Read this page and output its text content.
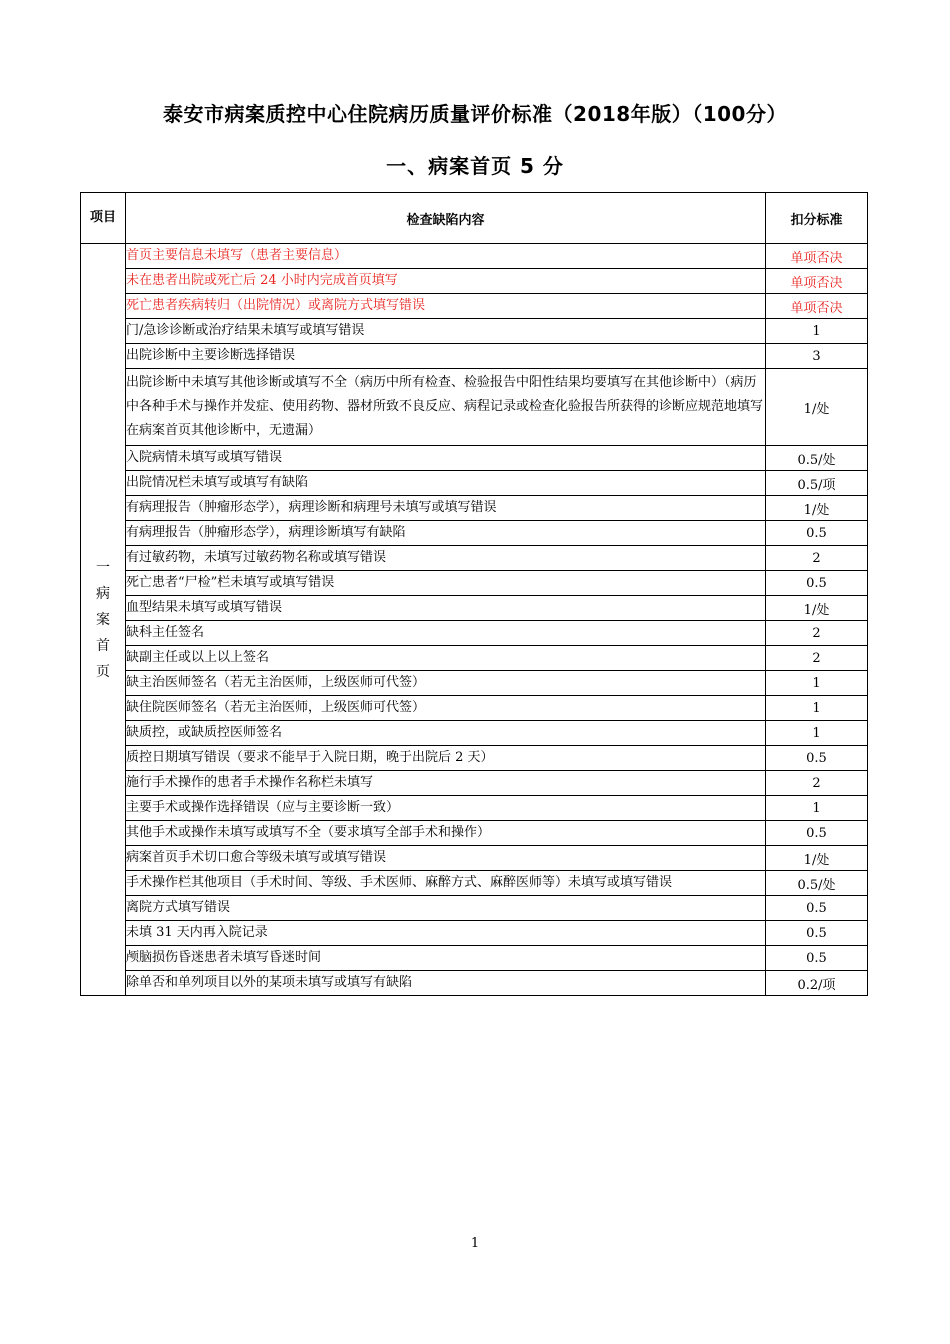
泰安市病案质控中心住院病历质量评价标准（2018年版）（100分）
一、病案首页 5 分
项目	检查缺陷内容	扣分标准

一
病
案
首
页	首页主要信息未填写（患者主要信息）	单项否决
	未在患者出院或死亡后 24 小时内完成首页填写	单项否决
	死亡患者疾病转归（出院情况）或离院方式填写错误	单项否决
	门/急诊诊断或治疗结果未填写或填写错误	1
	出院诊断中主要诊断选择错误	3
	出院诊断中未填写其他诊断或填写不全（病历中所有检查、检验报告中阳性结果均要填写在其他诊断中）（病历中各种手术与操作并发症、使用药物、器材所致不良反应、病程记录或检查化验报告所获得的诊断应规范地填写在病案首页其他诊断中，无遗漏）	1/处
	入院病情未填写或填写错误	0.5/处
	出院情况栏未填写或填写有缺陷	0.5/项
	有病理报告（肿瘤形态学），病理诊断和病理号未填写或填写错误	1/处
	有病理报告（肿瘤形态学），病理诊断填写有缺陷	0.5
	有过敏药物，未填写过敏药物名称或填写错误	2
	死亡患者“尸检”栏未填写或填写错误	0.5
	血型结果未填写或填写错误	1/处
	缺科主任签名	2
	缺副主任或以上以上签名	2
	缺主治医师签名（若无主治医师，上级医师可代签）	1
	缺住院医师签名（若无主治医师，上级医师可代签）	1
	缺质控，或缺质控医师签名	1
	质控日期填写错误（要求不能早于入院日期，晚于出院后 2 天）	0.5
	施行手术操作的患者手术操作名称栏未填写	2
	主要手术或操作选择错误（应与主要诊断一致）	1
	其他手术或操作未填写或填写不全（要求填写全部手术和操作）	0.5
	病案首页手术切口愈合等级未填写或填写错误	1/处
	手术操作栏其他项目（手术时间、等级、手术医师、麻醉方式、麻醉医师等）未填写或填写错误	0.5/处
	离院方式填写错误	0.5
	未填 31 天内再入院记录	0.5
	颅脑损伤昏迷患者未填写昏迷时间	0.5
	除单否和单列项目以外的某项未填写或填写有缺陷	0.2/项
1
